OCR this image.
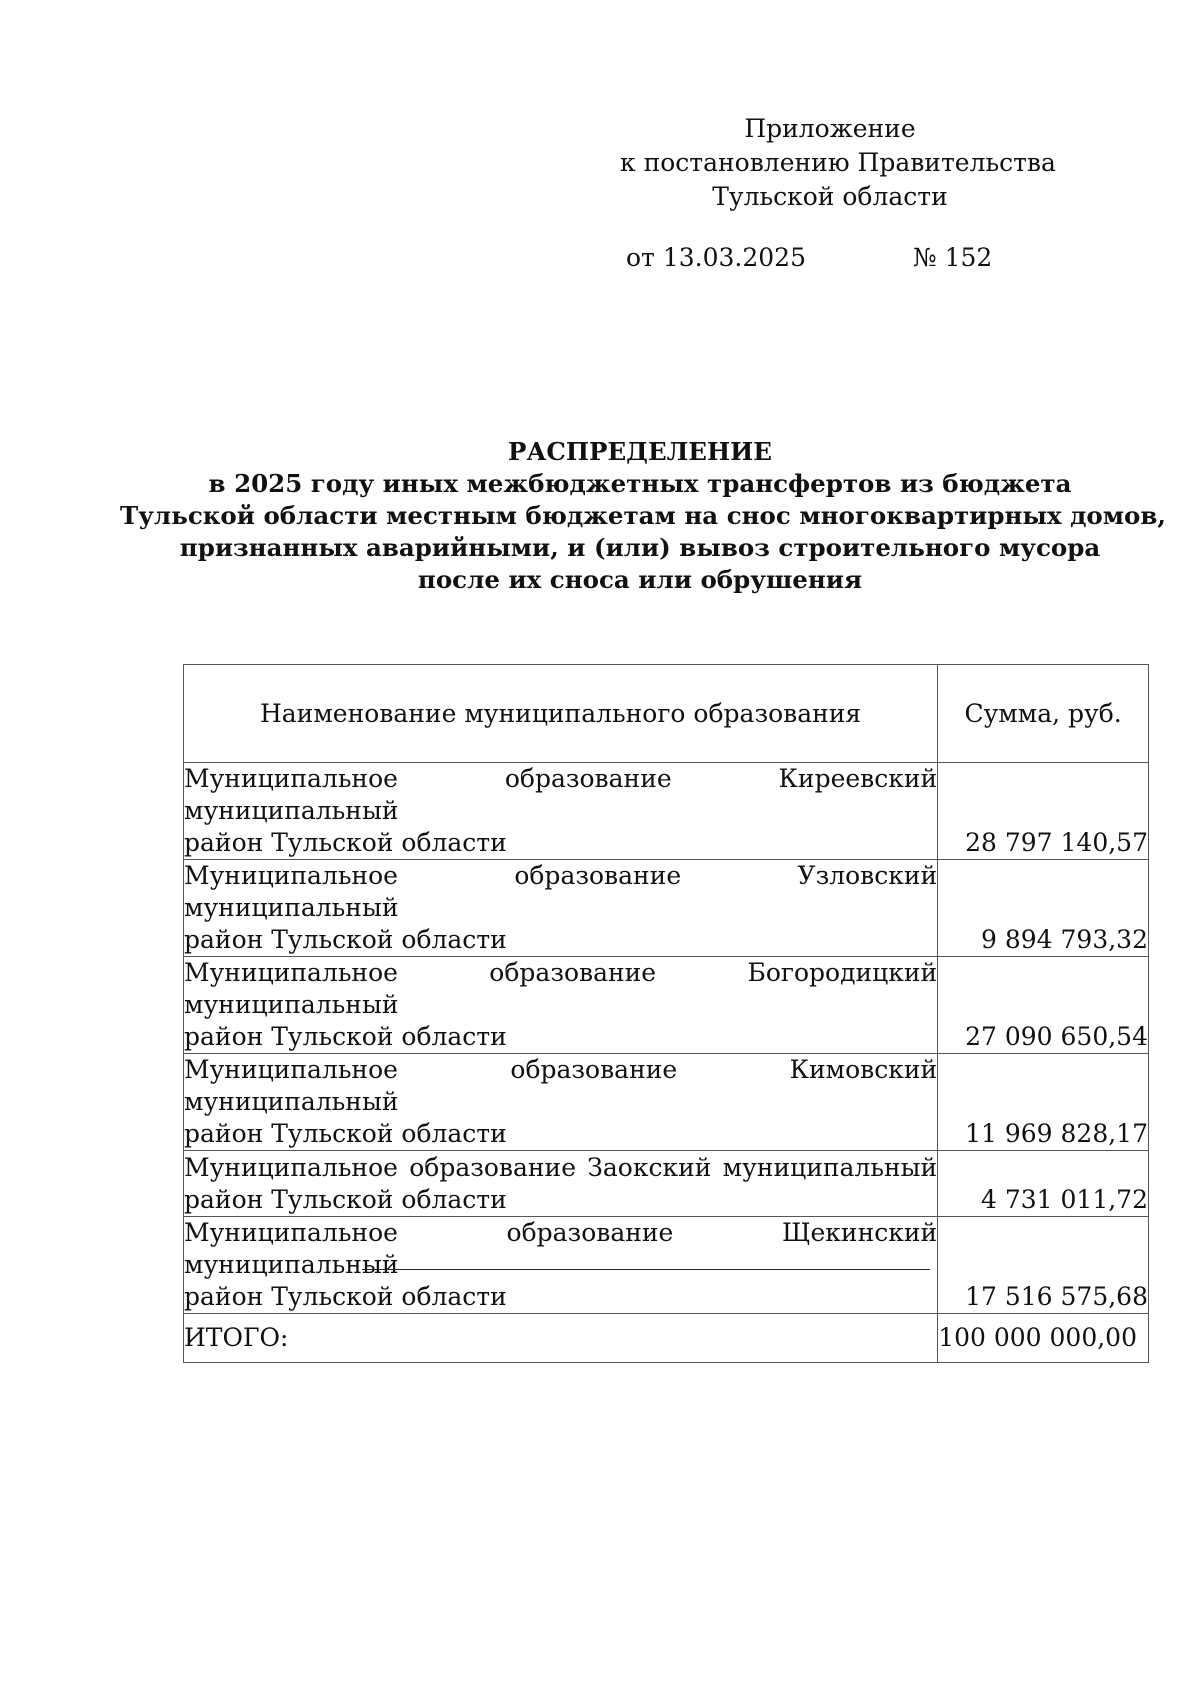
Приложение
к постановлению Правительства
Тульской области
от 13.03.2025	№ 152
РАСПРЕДЕЛЕНИЕ
в 2025 году иных межбюджетных трансфертов из бюджета
Тульской области местным бюджетам на снос многоквартирных домов,
признанных аварийными, и (или) вывоз строительного мусора
после их сноса или обрушения
Наименование муниципального образования	Сумма, руб.

Муниципальное образование Киреевский муниципальный
район Тульской области	28 797 140,57

Муниципальное образование Узловский муниципальный
район Тульской области	9 894 793,32

Муниципальное образование Богородицкий муниципальный
район Тульской области	27 090 650,54

Муниципальное образование Кимовский муниципальный
район Тульской области	11 969 828,17

Муниципальное образование Заокский муниципальный
район Тульской области	4 731 011,72

Муниципальное образование Щекинский муниципальный
район Тульской области	17 516 575,68
ИТОГО:	100 000 000,00
